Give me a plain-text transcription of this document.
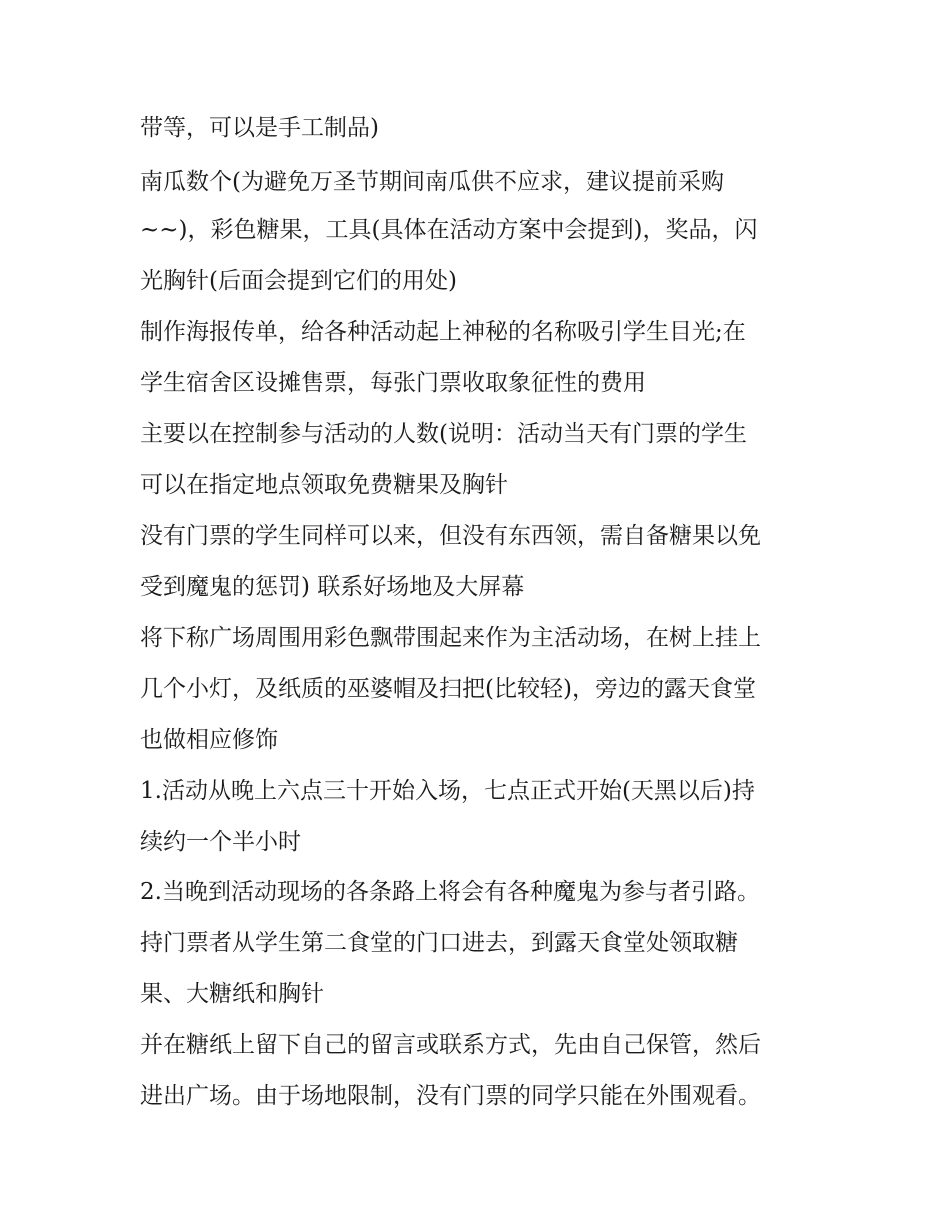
带等，可以是手工制品)

南瓜数个(为避免万圣节期间南瓜供不应求，建议提前采购

~~)，彩色糖果，工具(具体在活动方案中会提到)，奖品，闪

光胸针(后面会提到它们的用处)

制作海报传单，给各种活动起上神秘的名称吸引学生目光;在

学生宿舍区设摊售票，每张门票收取象征性的费用

主要以在控制参与活动的人数(说明：活动当天有门票的学生

可以在指定地点领取免费糖果及胸针

没有门票的学生同样可以来，但没有东西领，需自备糖果以免

受到魔鬼的惩罚) 联系好场地及大屏幕

将下称广场周围用彩色飘带围起来作为主活动场，在树上挂上

几个小灯，及纸质的巫婆帽及扫把(比较轻)，旁边的露天食堂

也做相应修饰

1.活动从晚上六点三十开始入场，七点正式开始(天黑以后)持

续约一个半小时

2.当晚到活动现场的各条路上将会有各种魔鬼为参与者引路。

持门票者从学生第二食堂的门口进去，到露天食堂处领取糖

果、大糖纸和胸针

并在糖纸上留下自己的留言或联系方式，先由自己保管，然后

进出广场。由于场地限制，没有门票的同学只能在外围观看。
